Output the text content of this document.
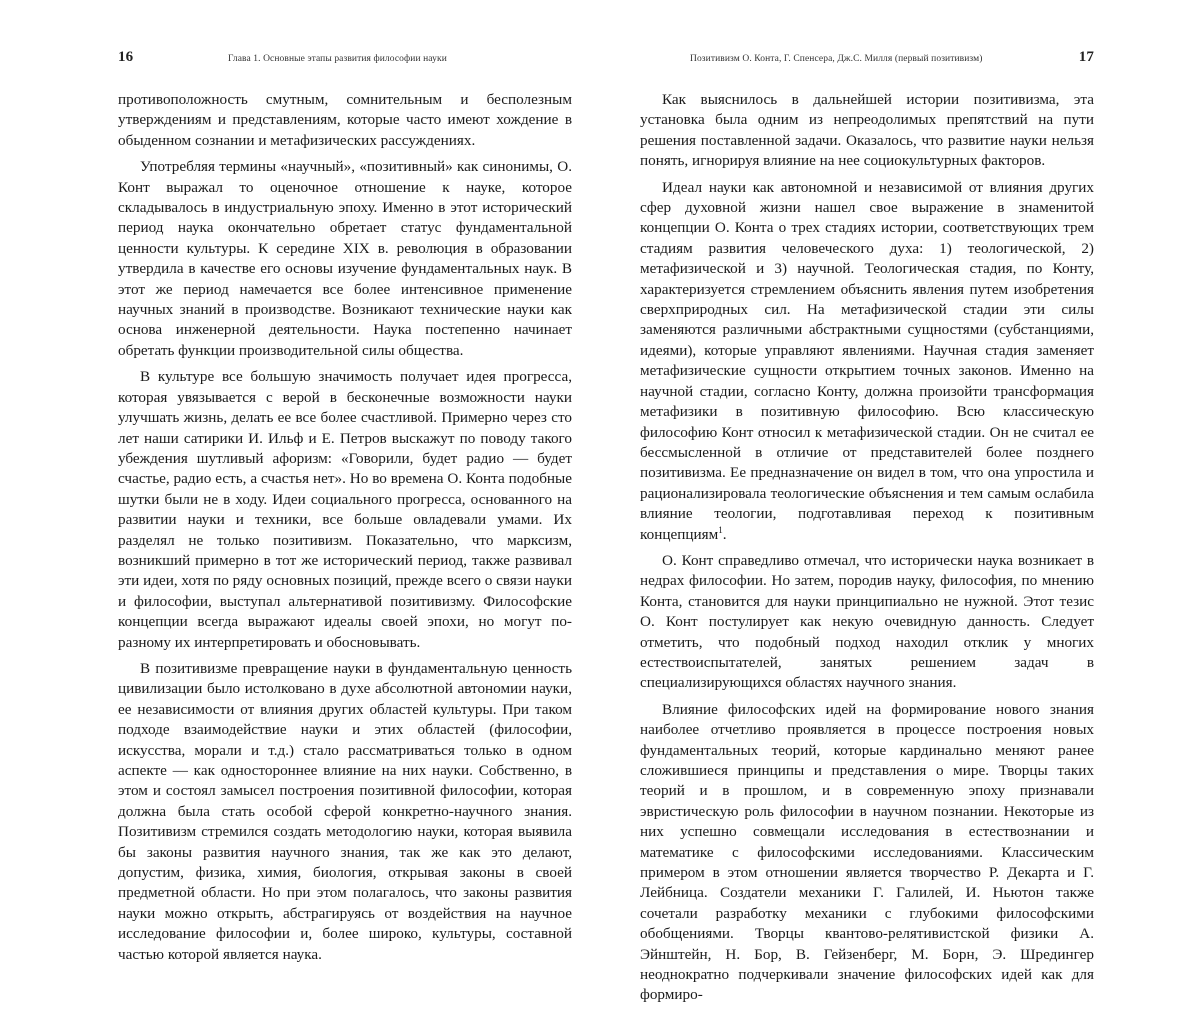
16	Глава 1. Основные этапы развития философии науки

противоположность смутным, сомнительным и бесполезным утверждениям и представлениям, которые часто имеют хождение в обыденном сознании и метафизических рассуждениях.

Употребляя термины «научный», «позитивный» как синонимы, О. Конт выражал то оценочное отношение к науке, которое складывалось в индустриальную эпоху. Именно в этот исторический период наука окончательно обретает статус фундаментальной ценности культуры. К середине XIX в. революция в образовании утвердила в качестве его основы изучение фундаментальных наук. В этот же период намечается все более интенсивное применение научных знаний в производстве. Возникают технические науки как основа инженерной деятельности. Наука постепенно начинает обретать функции производительной силы общества.

В культуре все большую значимость получает идея прогресса, которая увязывается с верой в бесконечные возможности науки улучшать жизнь, делать ее все более счастливой. Примерно через сто лет наши сатирики И. Ильф и Е. Петров выскажут по поводу такого убеждения шутливый афоризм: «Говорили, будет радио — будет счастье, радио есть, а счастья нет». Но во времена О. Конта подобные шутки были не в ходу. Идеи социального прогресса, основанного на развитии науки и техники, все больше овладевали умами. Их разделял не только позитивизм. Показательно, что марксизм, возникший примерно в тот же исторический период, также развивал эти идеи, хотя по ряду основных позиций, прежде всего о связи науки и философии, выступал альтернативой позитивизму. Философские концепции всегда выражают идеалы своей эпохи, но могут по-разному их интерпретировать и обосновывать.

В позитивизме превращение науки в фундаментальную ценность цивилизации было истолковано в духе абсолютной автономии науки, ее независимости от влияния других областей культуры. При таком подходе взаимодействие науки и этих областей (философии, искусства, морали и т.д.) стало рассматриваться только в одном аспекте — как одностороннее влияние на них науки. Собственно, в этом и состоял замысел построения позитивной философии, которая должна была стать особой сферой конкретно-научного знания. Позитивизм стремился создать методологию науки, которая выявила бы законы развития научного знания, так же как это делают, допустим, физика, химия, биология, открывая законы в своей предметной области. Но при этом полагалось, что законы развития науки можно открыть, абстрагируясь от воздействия на научное исследование философии и, более широко, культуры, составной частью которой является наука.

Позитивизм О. Конта, Г. Спенсера, Дж.С. Милля (первый позитивизм)	17

Как выяснилось в дальнейшей истории позитивизма, эта установка была одним из непреодолимых препятствий на пути решения поставленной задачи. Оказалось, что развитие науки нельзя понять, игнорируя влияние на нее социокультурных факторов.

Идеал науки как автономной и независимой от влияния других сфер духовной жизни нашел свое выражение в знаменитой концепции О. Конта о трех стадиях истории, соответствующих трем стадиям развития человеческого духа: 1) теологической, 2) метафизической и 3) научной. Теологическая стадия, по Конту, характеризуется стремлением объяснить явления путем изобретения сверхприродных сил. На метафизической стадии эти силы заменяются различными абстрактными сущностями (субстанциями, идеями), которые управляют явлениями. Научная стадия заменяет метафизические сущности открытием точных законов. Именно на научной стадии, согласно Конту, должна произойти трансформация метафизики в позитивную философию. Всю классическую философию Конт относил к метафизической стадии. Он не считал ее бессмысленной в отличие от представителей более позднего позитивизма. Ее предназначение он видел в том, что она упростила и рационализировала теологические объяснения и тем самым ослабила влияние теологии, подготавливая переход к позитивным концепциям$^1$.

О. Конт справедливо отмечал, что исторически наука возникает в недрах философии. Но затем, породив науку, философия, по мнению Конта, становится для науки принципиально не нужной. Этот тезис О. Конт постулирует как некую очевидную данность. Следует отметить, что подобный подход находил отклик у многих естествоиспытателей, занятых решением задач в специализирующихся областях научного знания.

Влияние философских идей на формирование нового знания наиболее отчетливо проявляется в процессе построения новых фундаментальных теорий, которые кардинально меняют ранее сложившиеся принципы и представления о мире. Творцы таких теорий и в прошлом, и в современную эпоху признавали эвристическую роль философии в научном познании. Некоторые из них успешно совмещали исследования в естествознании и математике с философскими исследованиями. Классическим примером в этом отношении является творчество Р. Декарта и Г. Лейбница. Создатели механики Г. Галилей, И. Ньютон также сочетали разработку механики с глубокими философскими обобщениями. Творцы квантово-релятивистской физики А. Эйнштейн, Н. Бор, В. Гейзенберг, М. Борн, Э. Шредингер неоднократно подчеркивали значение философских идей как для формиро-
